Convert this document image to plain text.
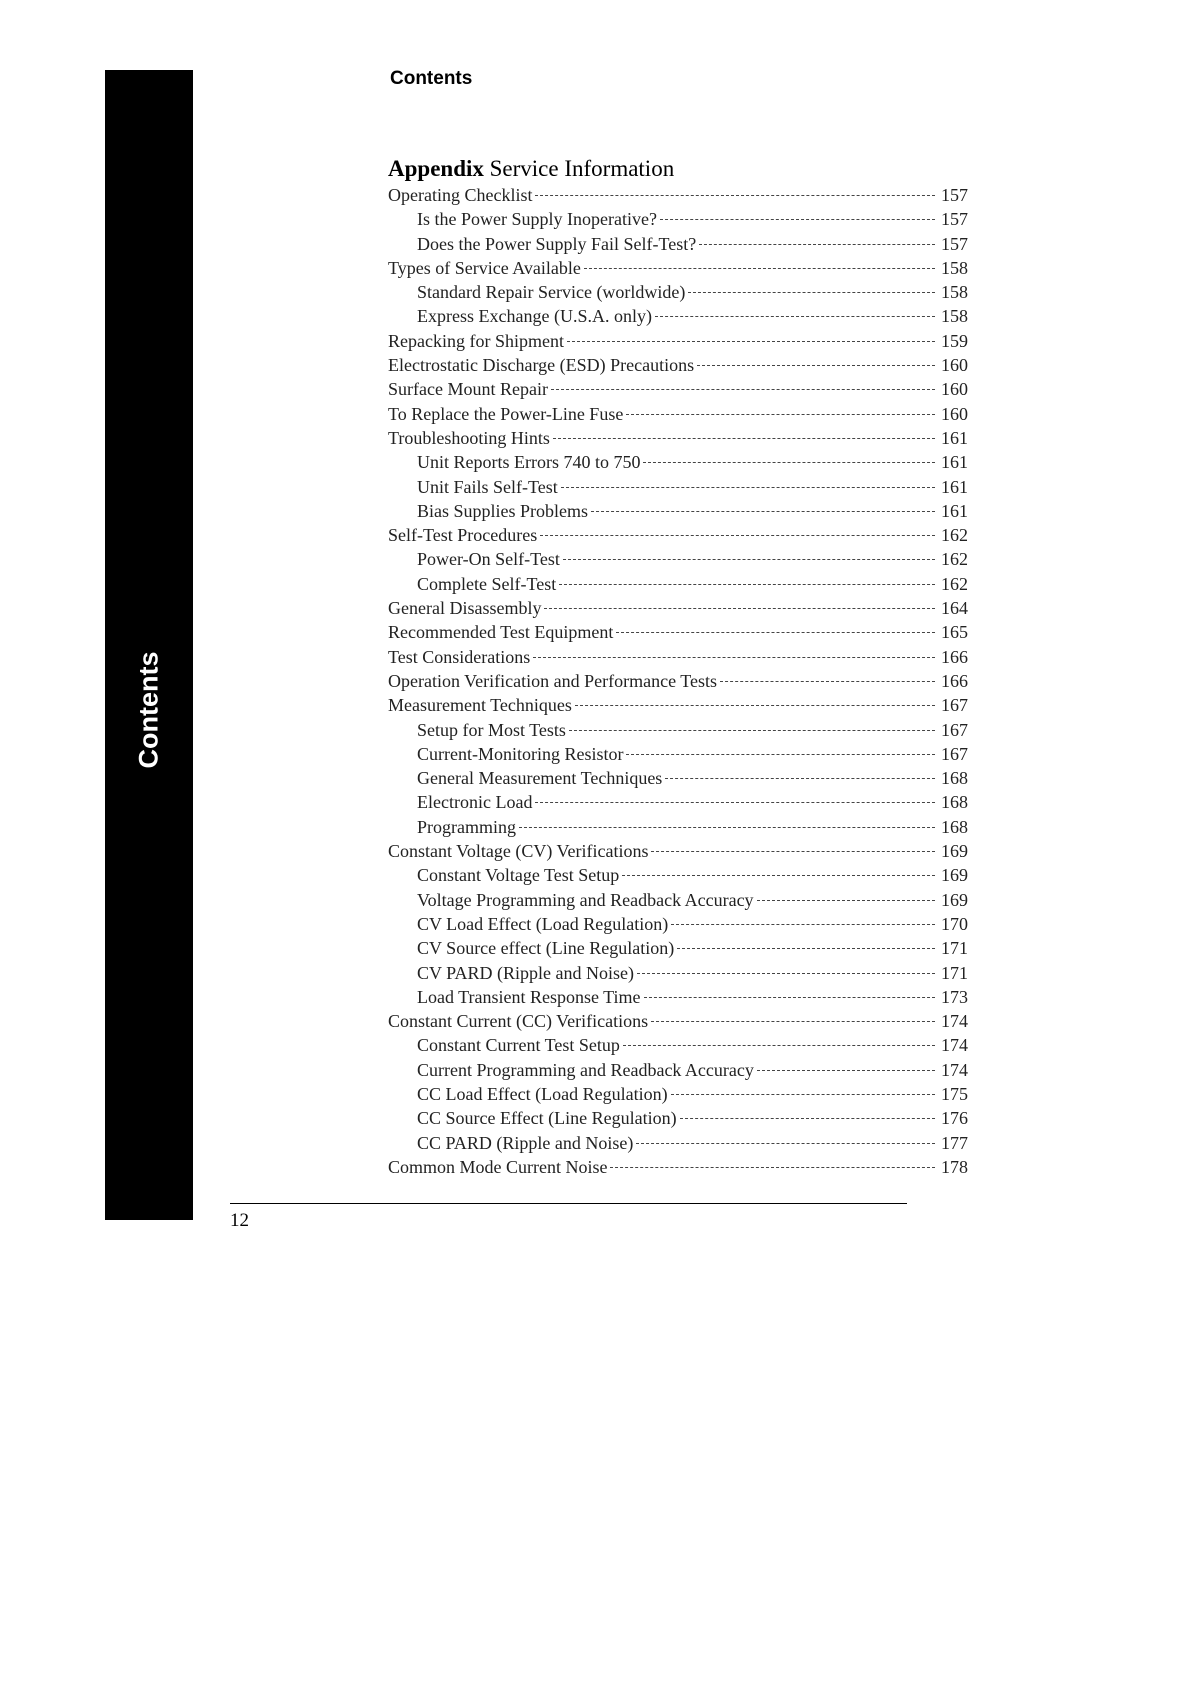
Contents
Contents
Appendix Service Information
Operating Checklist	157
Is the Power Supply Inoperative?	157
Does the Power Supply Fail Self-Test?	157
Types of Service Available	158
Standard Repair Service (worldwide)	158
Express Exchange (U.S.A. only)	158
Repacking for Shipment	159
Electrostatic Discharge (ESD) Precautions	160
Surface Mount Repair	160
To Replace the Power-Line Fuse	160
Troubleshooting Hints	161
Unit Reports Errors 740 to 750	161
Unit Fails Self-Test	161
Bias Supplies Problems	161
Self-Test Procedures	162
Power-On Self-Test	162
Complete Self-Test	162
General Disassembly	164
Recommended Test Equipment	165
Test Considerations	166
Operation Verification and Performance Tests	166
Measurement Techniques	167
Setup for Most Tests	167
Current-Monitoring Resistor	167
General Measurement Techniques	168
Electronic Load	168
Programming	168
Constant Voltage (CV) Verifications	169
Constant Voltage Test Setup	169
Voltage Programming and Readback Accuracy	169
CV Load Effect (Load Regulation)	170
CV Source effect (Line Regulation)	171
CV PARD (Ripple and Noise)	171
Load Transient Response Time	173
Constant Current (CC) Verifications	174
Constant Current Test Setup	174
Current Programming and Readback Accuracy	174
CC Load Effect (Load Regulation)	175
CC Source Effect (Line Regulation)	176
CC PARD (Ripple and Noise)	177
Common Mode Current Noise	178
12
